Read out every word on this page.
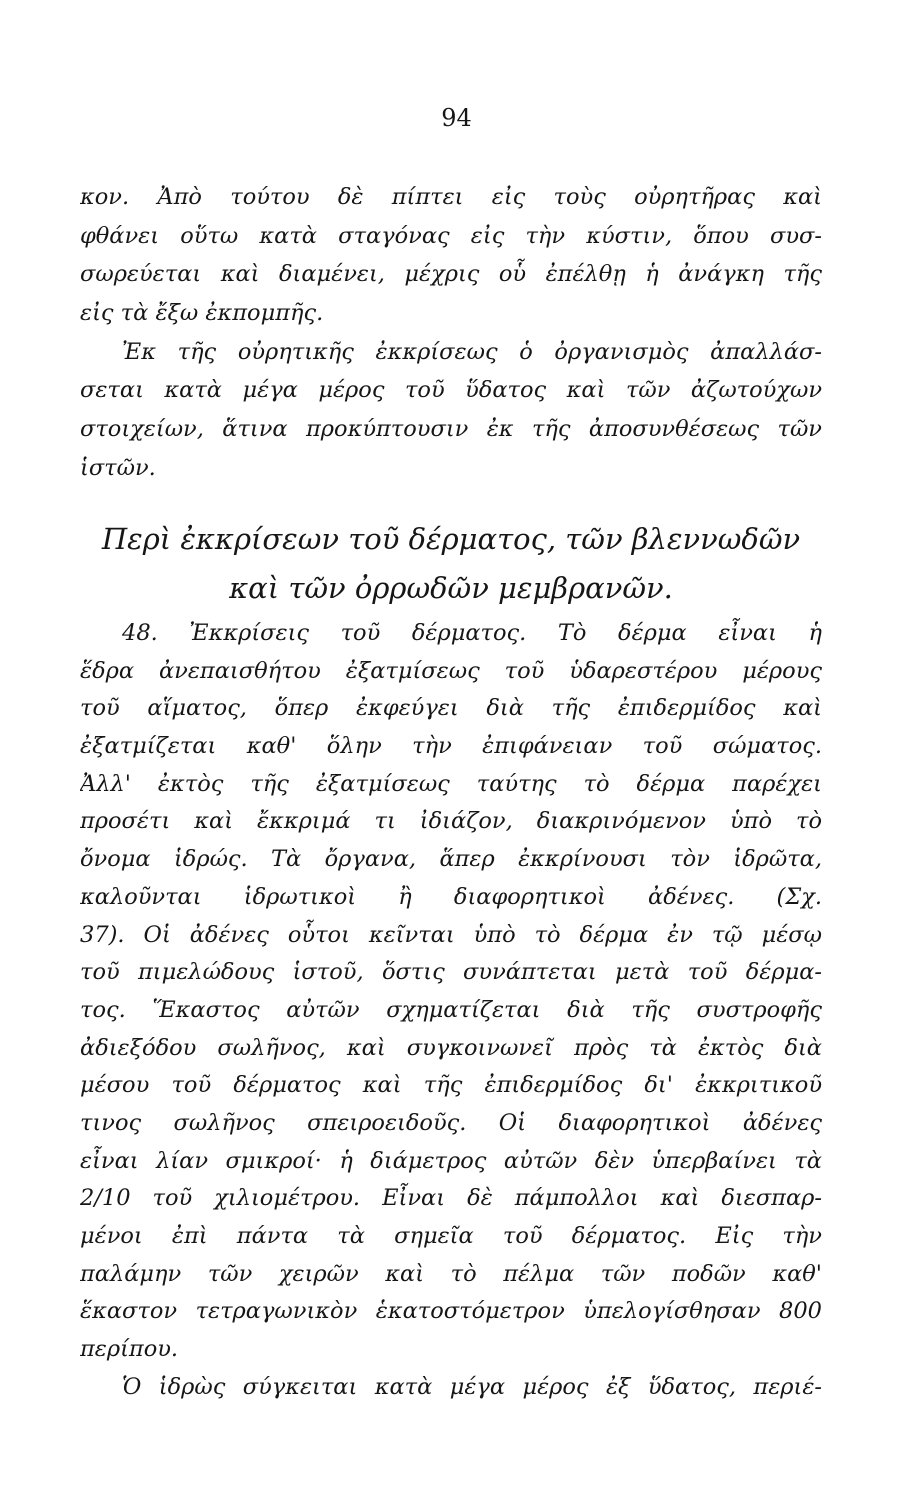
94
κον. Ἀπὸ τούτου δὲ πίπτει εἰς τοὺς οὐρητῆρας καὶ
φθάνει οὕτω κατὰ σταγόνας εἰς τὴν κύστιν, ὅπου συσ-
σωρεύεται καὶ διαμένει, μέχρις οὗ ἐπέλθῃ ἡ ἀνάγκη τῆς
εἰς τὰ ἔξω ἐκπομπῆς.
Ἐκ τῆς οὐρητικῆς ἐκκρίσεως ὁ ὀργανισμὸς ἀπαλλάσ-
σεται κατὰ μέγα μέρος τοῦ ὕδατος καὶ τῶν ἀζωτούχων
στοιχείων, ἅτινα προκύπτουσιν ἐκ τῆς ἀποσυνθέσεως τῶν
ἱστῶν.
Περὶ ἐκκρίσεων τοῦ δέρματος, τῶν βλεννωδῶν
καὶ τῶν ὀρρωδῶν μεμβρανῶν.
48. Ἐκκρίσεις τοῦ δέρματος. Τὸ δέρμα εἶναι ἡ
ἕδρα ἀνεπαισθήτου ἐξατμίσεως τοῦ ὑδαρεστέρου μέρους
τοῦ αἵματος, ὅπερ ἐκφεύγει διὰ τῆς ἐπιδερμίδος καὶ
ἐξατμίζεται καθ' ὅλην τὴν ἐπιφάνειαν τοῦ σώματος.
Ἀλλ' ἐκτὸς τῆς ἐξατμίσεως ταύτης τὸ δέρμα παρέχει
προσέτι καὶ ἔκκριμά τι ἰδιάζον, διακρινόμενον ὑπὸ τὸ
ὄνομα ἱδρώς. Τὰ ὄργανα, ἅπερ ἐκκρίνουσι τὸν ἱδρῶτα,
καλοῦνται ἱδρωτικοὶ ἢ διαφορητικοὶ ἀδένες. (Σχ.
37). Οἱ ἀδένες οὗτοι κεῖνται ὑπὸ τὸ δέρμα ἐν τῷ μέσῳ
τοῦ πιμελώδους ἱστοῦ, ὅστις συνάπτεται μετὰ τοῦ δέρμα-
τος. Ἕκαστος αὐτῶν σχηματίζεται διὰ τῆς συστροφῆς
ἀδιεξόδου σωλῆνος, καὶ συγκοινωνεῖ πρὸς τὰ ἐκτὸς διὰ
μέσου τοῦ δέρματος καὶ τῆς ἐπιδερμίδος δι' ἐκκριτικοῦ
τινος σωλῆνος σπειροειδοῦς. Οἱ διαφορητικοὶ ἀδένες
εἶναι λίαν σμικροί· ἡ διάμετρος αὐτῶν δὲν ὑπερβαίνει τὰ
2/10 τοῦ χιλιομέτρου. Εἶναι δὲ πάμπολλοι καὶ διεσπαρ-
μένοι ἐπὶ πάντα τὰ σημεῖα τοῦ δέρματος. Εἰς τὴν
παλάμην τῶν χειρῶν καὶ τὸ πέλμα τῶν ποδῶν καθ'
ἕκαστον τετραγωνικὸν ἑκατοστόμετρον ὑπελογίσθησαν 800
περίπου.
Ὁ ἱδρὼς σύγκειται κατὰ μέγα μέρος ἐξ ὕδατος, περιέ-
